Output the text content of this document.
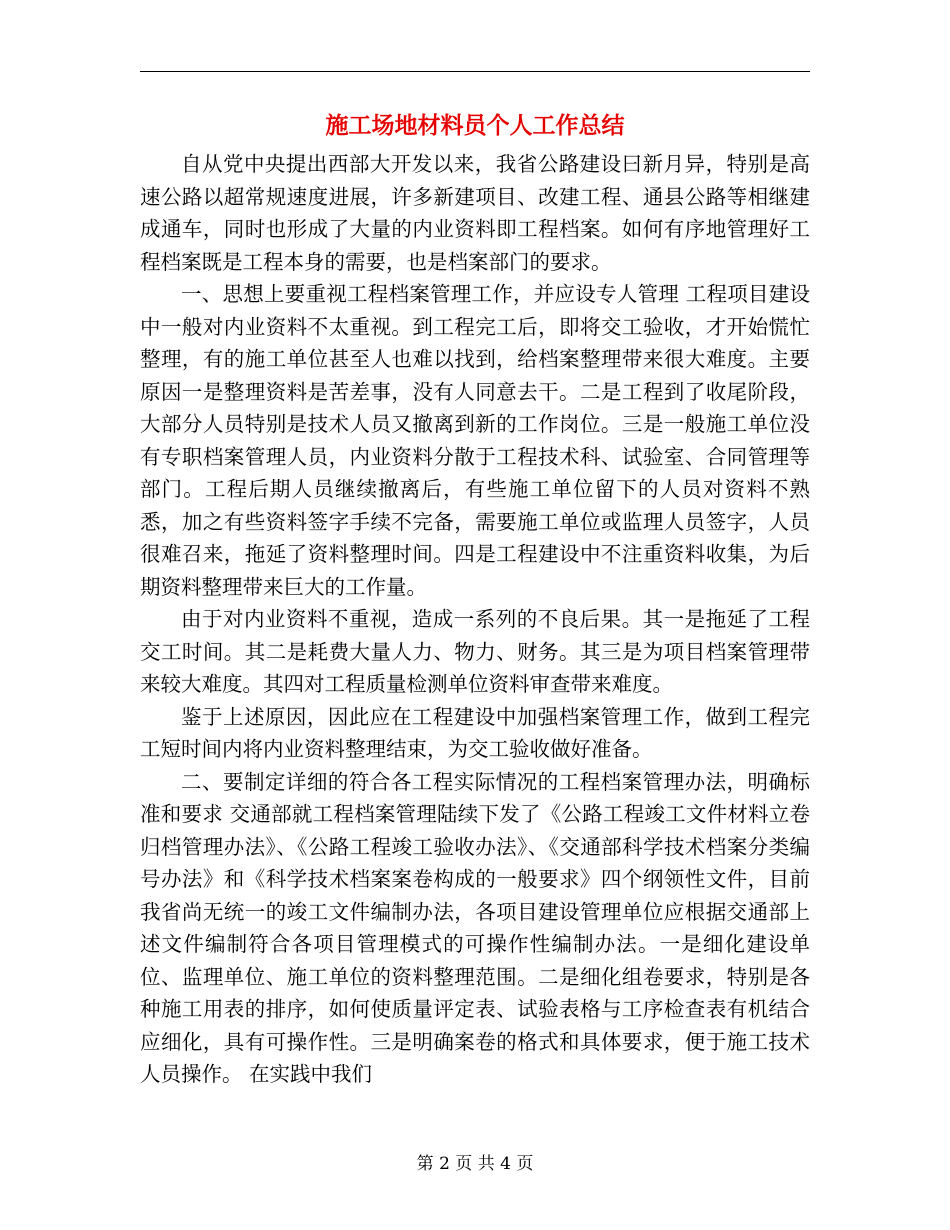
施工场地材料员个人工作总结

自从党中央提出西部大开发以来，我省公路建设曰新月异，特别是高速公路以超常规速度进展，许多新建项目、改建工程、通县公路等相继建成通车，同时也形成了大量的内业资料即工程档案。如何有序地管理好工程档案既是工程本身的需要，也是档案部门的要求。

一、思想上要重视工程档案管理工作，并应设专人管理 工程项目建设中一般对内业资料不太重视。到工程完工后，即将交工验收，才开始慌忙整理，有的施工单位甚至人也难以找到，给档案整理带来很大难度。主要原因一是整理资料是苦差事，没有人同意去干。二是工程到了收尾阶段，大部分人员特别是技术人员又撤离到新的工作岗位。三是一般施工单位没有专职档案管理人员，内业资料分散于工程技术科、试验室、合同管理等部门。工程后期人员继续撤离后，有些施工单位留下的人员对资料不熟悉，加之有些资料签字手续不完备，需要施工单位或监理人员签字，人员很难召来，拖延了资料整理时间。四是工程建设中不注重资料收集，为后期资料整理带来巨大的工作量。

由于对内业资料不重视，造成一系列的不良后果。其一是拖延了工程交工时间。其二是耗费大量人力、物力、财务。其三是为项目档案管理带来较大难度。其四对工程质量检测单位资料审查带来难度。

鉴于上述原因，因此应在工程建设中加强档案管理工作，做到工程完工短时间内将内业资料整理结束，为交工验收做好准备。

二、要制定详细的符合各工程实际情况的工程档案管理办法，明确标准和要求 交通部就工程档案管理陆续下发了《公路工程竣工文件材料立卷归档管理办法》、《公路工程竣工验收办法》、《交通部科学技术档案分类编号办法》和《科学技术档案案卷构成的一般要求》四个纲领性文件，目前我省尚无统一的竣工文件编制办法，各项目建设管理单位应根据交通部上述文件编制符合各项目管理模式的可操作性编制办法。一是细化建设单位、监理单位、施工单位的资料整理范围。二是细化组卷要求，特别是各种施工用表的排序，如何使质量评定表、试验表格与工序检查表有机结合应细化，具有可操作性。三是明确案卷的格式和具体要求，便于施工技术人员操作。 在实践中我们

第 2 页 共 4 页
